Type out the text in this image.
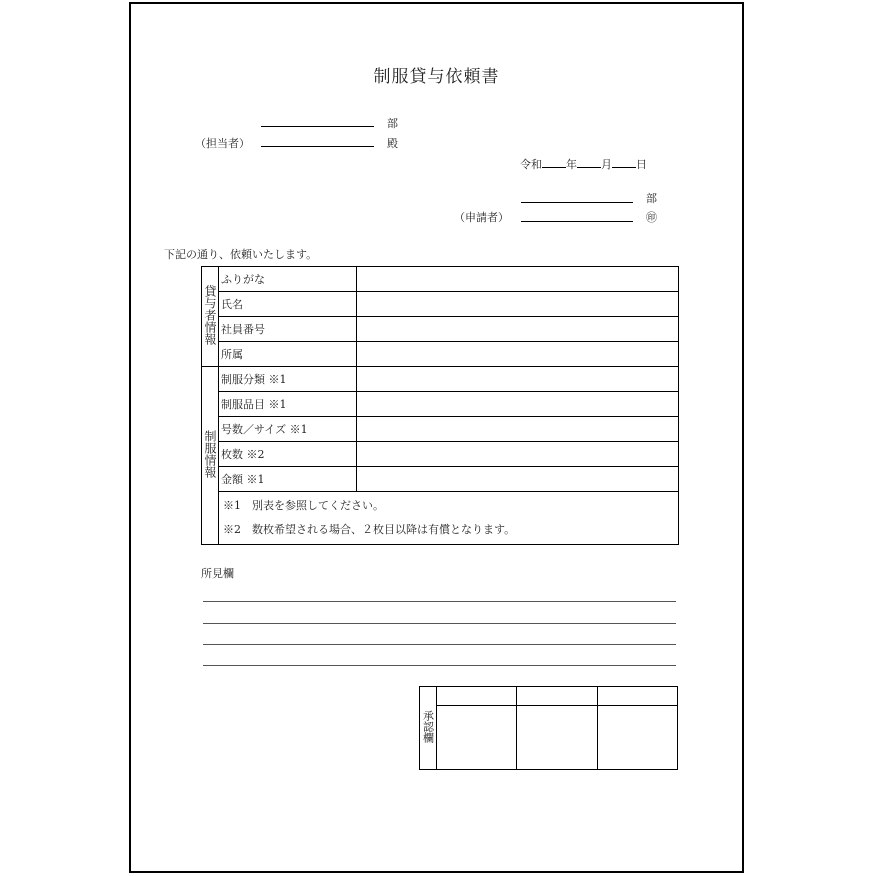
制服貸与依頼書
部
（担当者）	殿
令和 年 月 日
部
（申請者）	㊞
下記の通り、依頼いたします。
貸与者情報	ふりがな	
	氏名	
	社員番号	
	所属	
制服情報	制服分類 ※1	
	制服品目 ※1	
	号数／サイズ ※1	
	枚数 ※2	
	金額 ※1	

	※1　別表を参照してください。
※2　数枚希望される場合、２枚目以降は有償となります。	
所見欄
承認欄			
